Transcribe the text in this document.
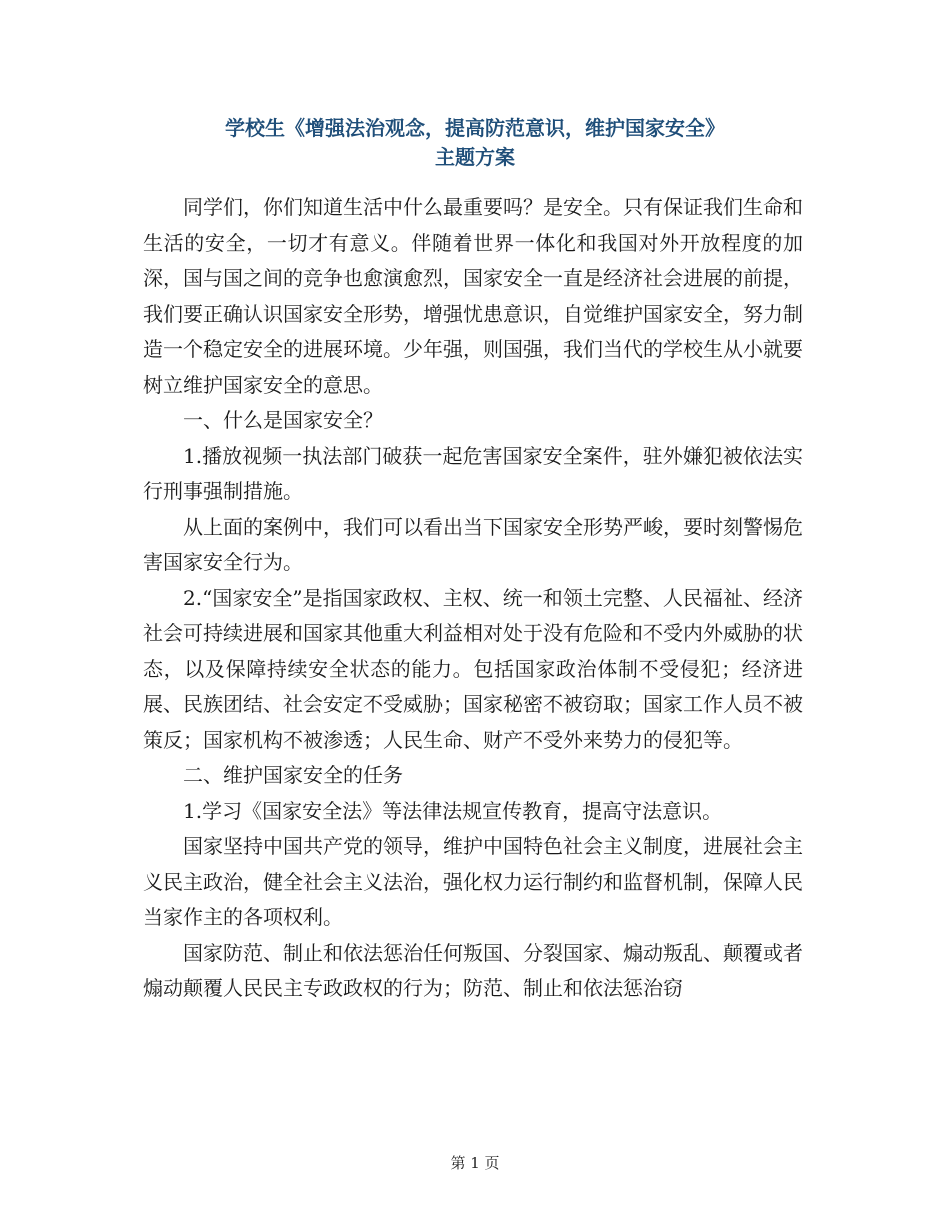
学校生《增强法治观念，提高防范意识，维护国家安全》
主题方案

同学们，你们知道生活中什么最重要吗？是安全。只有保证我们生命和生活的安全，一切才有意义。伴随着世界一体化和我国对外开放程度的加深，国与国之间的竞争也愈演愈烈，国家安全一直是经济社会进展的前提，我们要正确认识国家安全形势，增强忧患意识，自觉维护国家安全，努力制造一个稳定安全的进展环境。少年强，则国强，我们当代的学校生从小就要树立维护国家安全的意思。

一、什么是国家安全？

1.播放视频一执法部门破获一起危害国家安全案件，驻外嫌犯被依法实行刑事强制措施。

从上面的案例中，我们可以看出当下国家安全形势严峻，要时刻警惕危害国家安全行为。

2.“国家安全”是指国家政权、主权、统一和领土完整、人民福祉、经济社会可持续进展和国家其他重大利益相对处于没有危险和不受内外威胁的状态，以及保障持续安全状态的能力。包括国家政治体制不受侵犯；经济进展、民族团结、社会安定不受威胁；国家秘密不被窃取；国家工作人员不被策反；国家机构不被渗透；人民生命、财产不受外来势力的侵犯等。

二、维护国家安全的任务

1.学习《国家安全法》等法律法规宣传教育，提高守法意识。

国家坚持中国共产党的领导，维护中国特色社会主义制度，进展社会主义民主政治，健全社会主义法治，强化权力运行制约和监督机制，保障人民当家作主的各项权利。

国家防范、制止和依法惩治任何叛国、分裂国家、煽动叛乱、颠覆或者煽动颠覆人民民主专政政权的行为；防范、制止和依法惩治窃

第 1 页
